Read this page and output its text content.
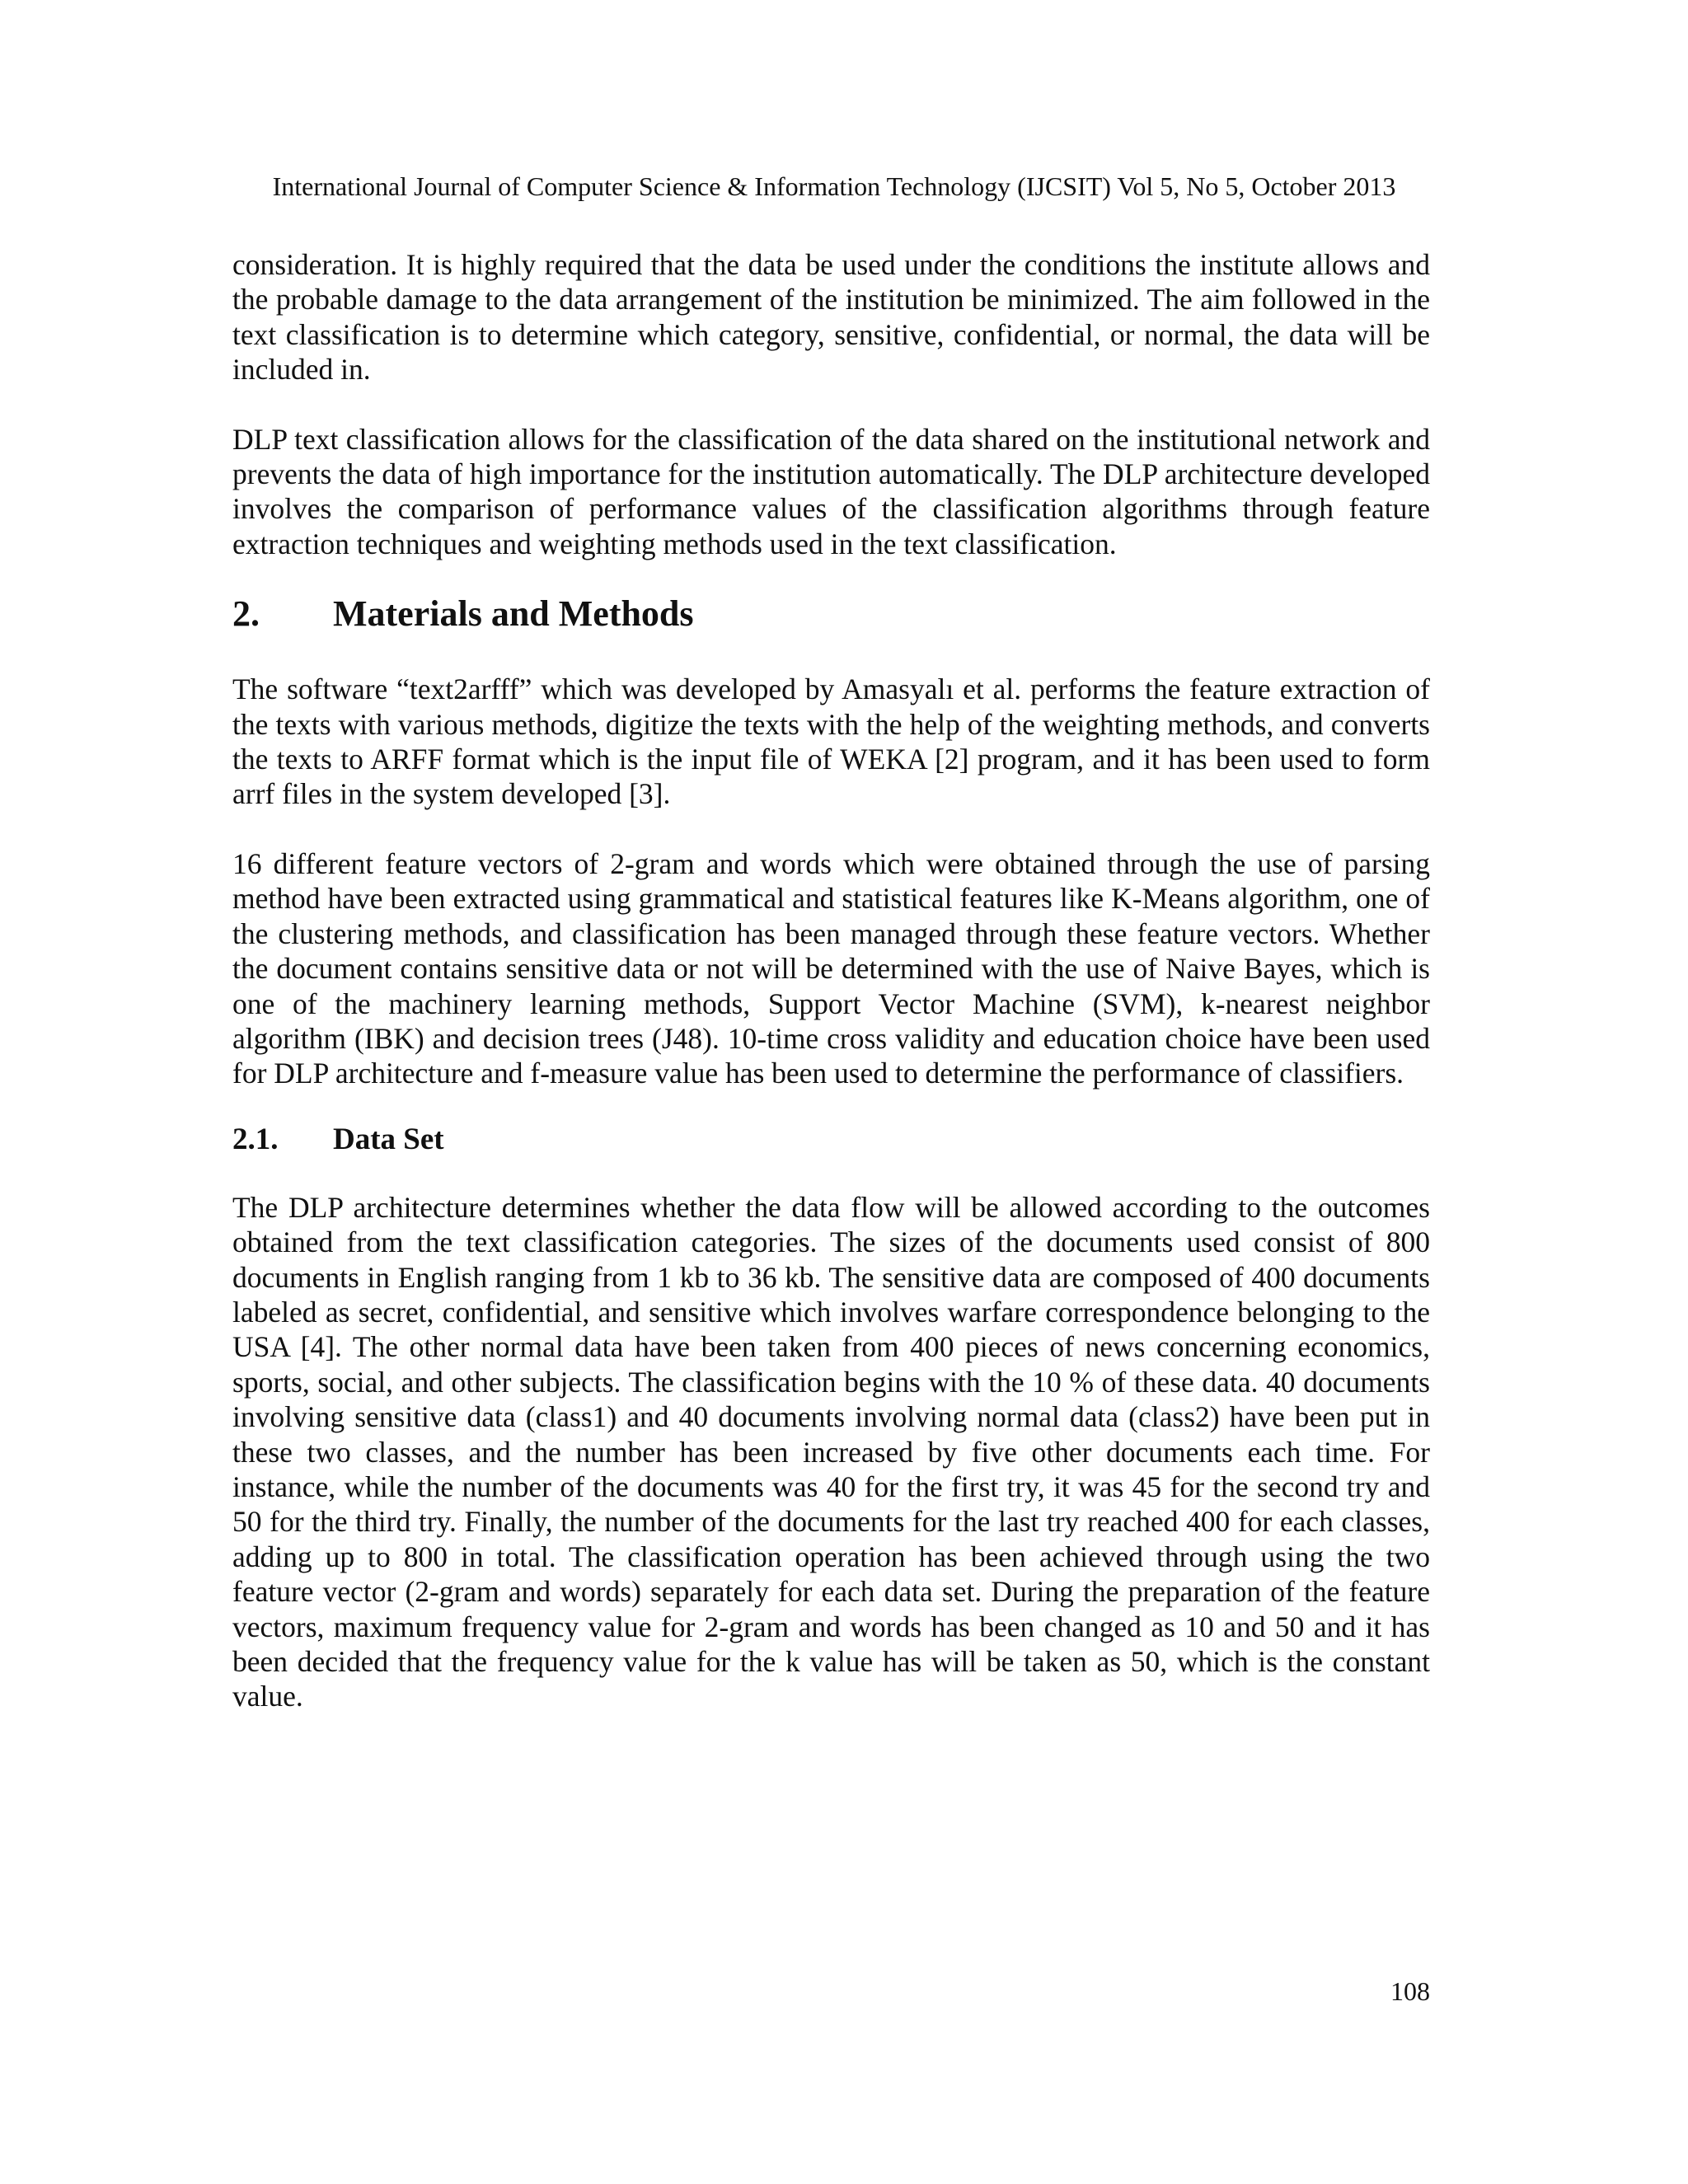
International Journal of Computer Science & Information Technology (IJCSIT) Vol 5, No 5, October 2013

consideration. It is highly required that the data be used under the conditions the institute allows and the probable damage to the data arrangement of the institution be minimized. The aim followed in the text classification is to determine which category, sensitive, confidential, or normal, the data will be included in.

DLP text classification allows for the classification of the data shared on the institutional network and prevents the data of high importance for the institution automatically. The DLP architecture developed involves the comparison of performance values of the classification algorithms through feature extraction techniques and weighting methods used in the text classification.

2.	Materials and Methods

The software “text2arfff” which was developed by Amasyalı et al. performs the feature extraction of the texts with various methods, digitize the texts with the help of the weighting methods, and converts the texts to ARFF format which is the input file of WEKA [2] program, and it has been used to form arrf files in the system developed [3].

16 different feature vectors of 2-gram and words which were obtained through the use of parsing method have been extracted using grammatical and statistical features like K-Means algorithm, one of the clustering methods, and classification has been managed through these feature vectors. Whether the document contains sensitive data or not will be determined with the use of Naive Bayes, which is one of the machinery learning methods, Support Vector Machine (SVM), k-nearest neighbor algorithm (IBK) and decision trees (J48). 10-time cross validity and education choice have been used for DLP architecture and f-measure value has been used to determine the performance of classifiers.

2.1.	Data Set

The DLP architecture determines whether the data flow will be allowed according to the outcomes obtained from the text classification categories. The sizes of the documents used consist of 800 documents in English ranging from 1 kb to 36 kb. The sensitive data are composed of 400 documents labeled as secret, confidential, and sensitive which involves warfare correspondence belonging to the USA [4]. The other normal data have been taken from 400 pieces of news concerning economics, sports, social, and other subjects. The classification begins with the 10 % of these data. 40 documents involving sensitive data (class1) and 40 documents involving normal data (class2) have been put in these two classes, and the number has been increased by five other documents each time. For instance, while the number of the documents was 40 for the first try, it was 45 for the second try and 50 for the third try. Finally, the number of the documents for the last try reached 400 for each classes, adding up to 800 in total. The classification operation has been achieved through using the two feature vector (2-gram and words) separately for each data set. During the preparation of the feature vectors, maximum frequency value for 2-gram and words has been changed as 10 and 50 and it has been decided that the frequency value for the k value has will be taken as 50, which is the constant value.

108
